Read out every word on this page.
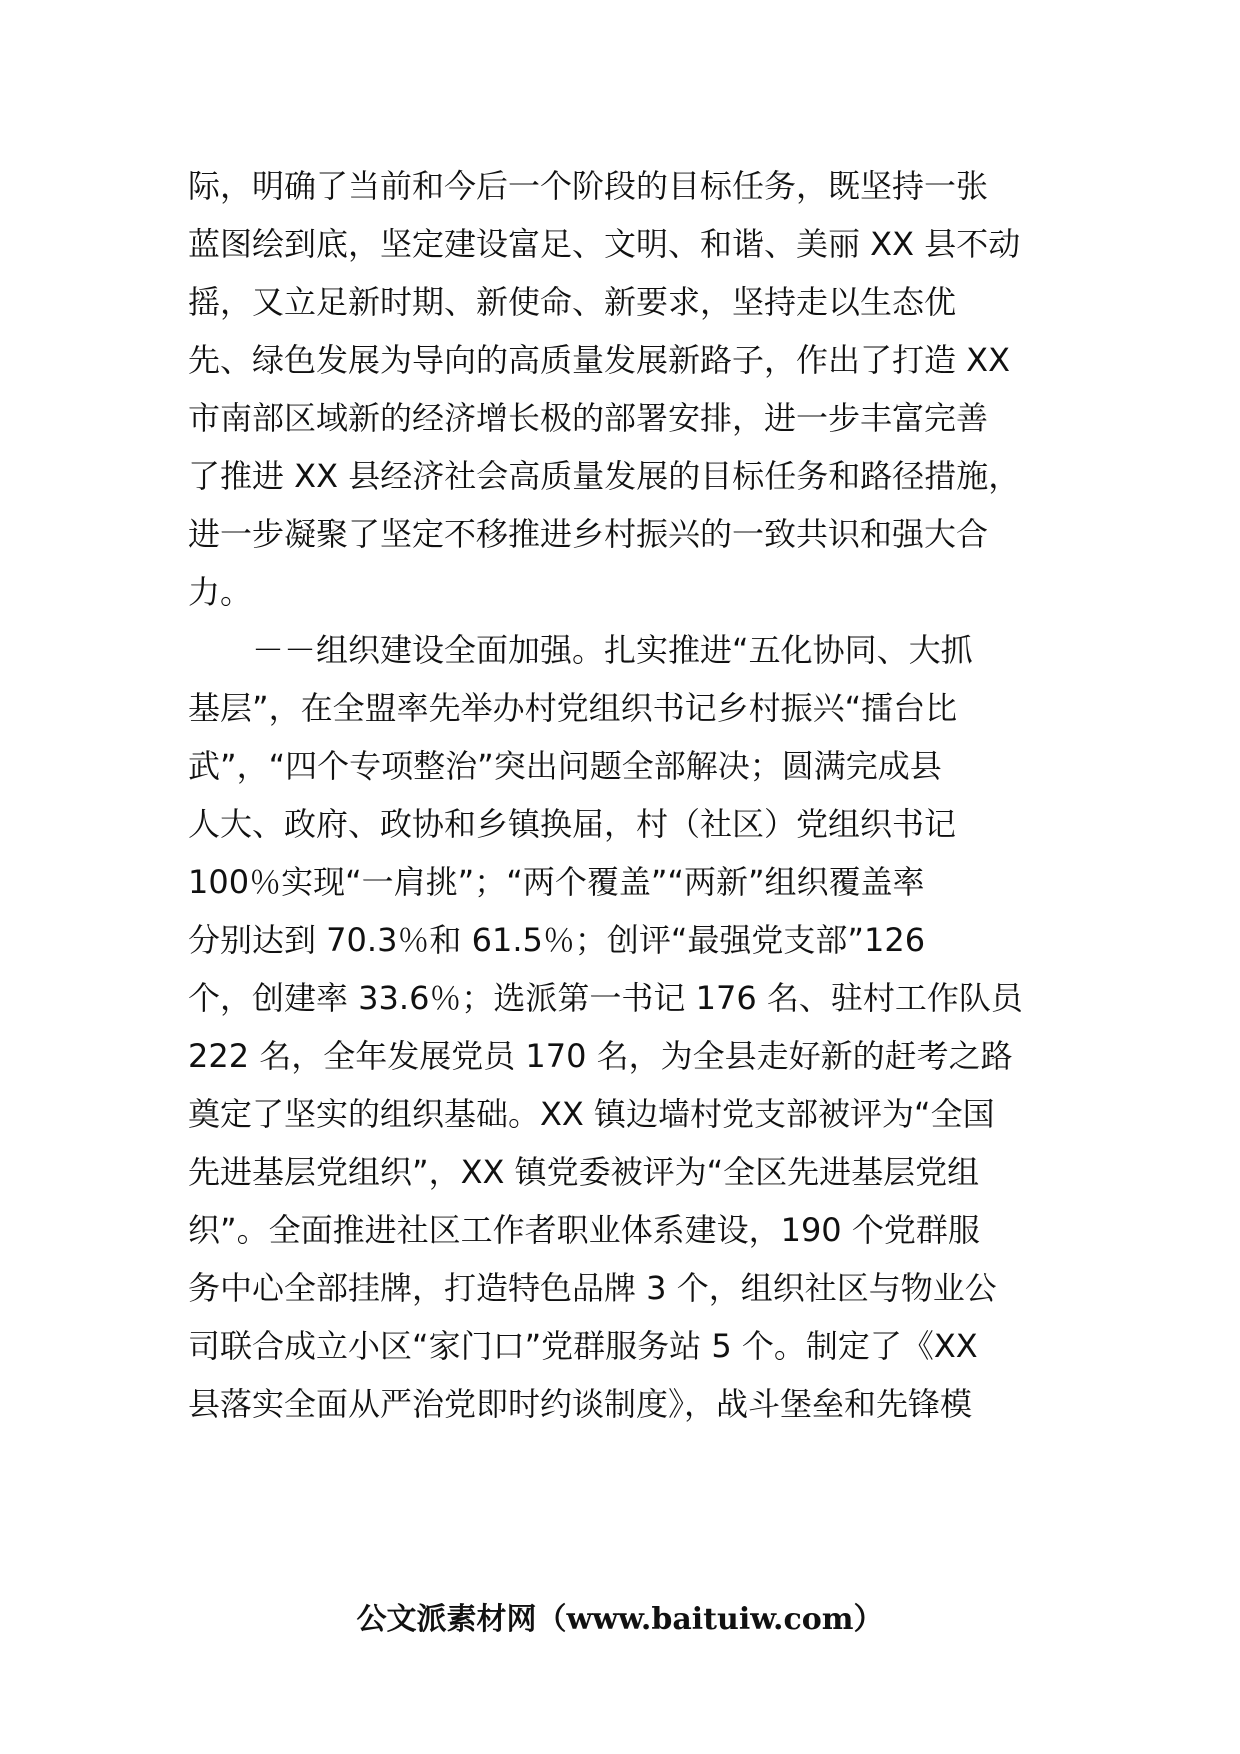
际，明确了当前和今后一个阶段的目标任务，既坚持一张
蓝图绘到底，坚定建设富足、文明、和谐、美丽 XX 县不动
摇，又立足新时期、新使命、新要求，坚持走以生态优
先、绿色发展为导向的高质量发展新路子，作出了打造 XX
市南部区域新的经济增长极的部署安排，进一步丰富完善
了推进 XX 县经济社会高质量发展的目标任务和路径措施，
进一步凝聚了坚定不移推进乡村振兴的一致共识和强大合
力。
－－组织建设全面加强。扎实推进“五化协同、大抓
基层”，在全盟率先举办村党组织书记乡村振兴“擂台比
武”，“四个专项整治”突出问题全部解决；圆满完成县
人大、政府、政协和乡镇换届，村（社区）党组织书记
100％实现“一肩挑”；“两个覆盖”“两新”组织覆盖率
分别达到 70.3％和 61.5％；创评“最强党支部”126
个，创建率 33.6％；选派第一书记 176 名、驻村工作队员
222 名，全年发展党员 170 名，为全县走好新的赶考之路
奠定了坚实的组织基础。XX 镇边墙村党支部被评为“全国
先进基层党组织”，XX 镇党委被评为“全区先进基层党组
织”。全面推进社区工作者职业体系建设，190 个党群服
务中心全部挂牌，打造特色品牌 3 个，组织社区与物业公
司联合成立小区“家门口”党群服务站 5 个。制定了《XX
县落实全面从严治党即时约谈制度》，战斗堡垒和先锋模
公文派素材网（www.baituiw.com）
